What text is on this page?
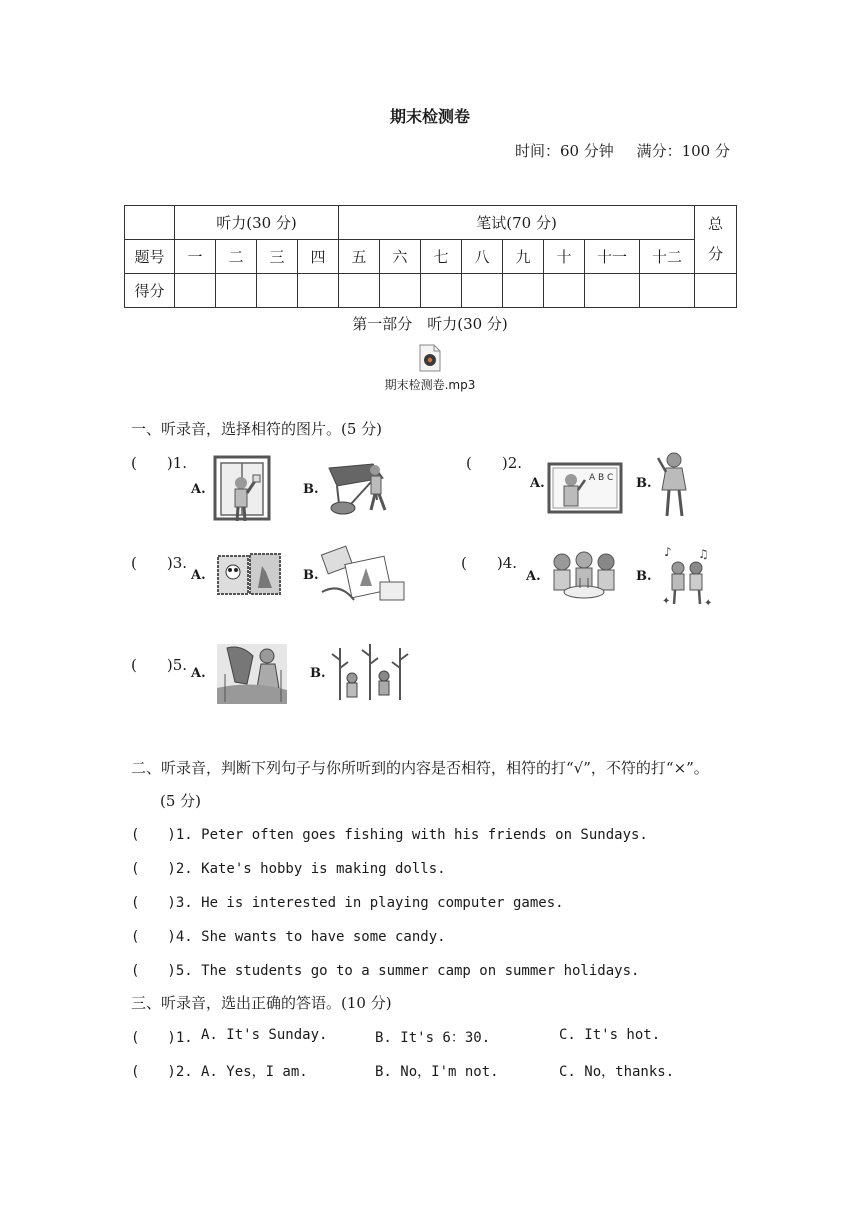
期末检测卷
时间：60 分钟 满分：100 分
	听力(30 分)				笔试(70 分)								总
分

题号	一	二	三	四	五	六	七	八	九	十	十一	十二	
得分													
第一部分　听力(30 分)
期末检测卷.mp3
一、听录音，选择相符的图片。(5 分)
(　　)1.
A.	B.
(　　)2.
A.	A B C B.
(　　)3.
A.	B.
(　　)4.
A.	B.
♪ ♫
✦	✦
(　　)5. A.	B.
二、听录音，判断下列句子与你所听到的内容是否相符，相符的打“√”，不符的打“×”。
(5 分)
(　　)1. Peter often goes fishing with his friends on Sundays.
(　　)2. Kate's hobby is making dolls.
(　　)3. He is interested in playing computer games.
(　　)4. She wants to have some candy.
(　　)5. The students go to a summer camp on summer holidays.
三、听录音，选出正确的答语。(10 分)
(　　)1. A. It's Sunday.	B. It's 6：30.	C. It's hot.
(　　)2. A. Yes，I am.	B. No，I'm not.	C. No，thanks.
